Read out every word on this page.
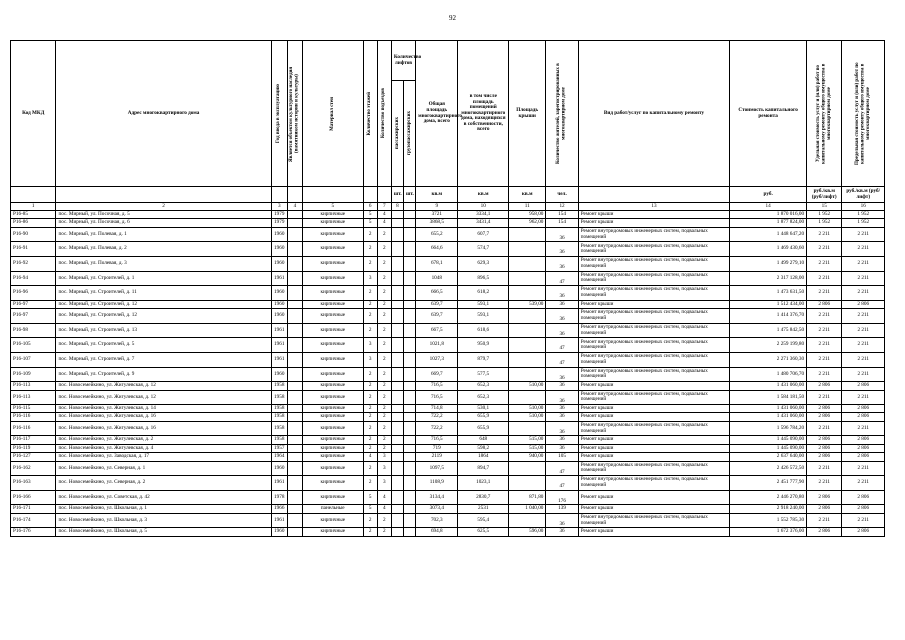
92
Код МКД	Адрес многоквартирного дома	Год ввода в эксплуатацию	Является объектом культурного наследия (памятником истории и культуры)	Материал стен	Количество этажей	Количество подъездов	Количество лифтов		Общая площадь многоквартирного дома, всего	в том числе площадь помещений многоквартирного дома, находящихся в собственности, всего	Площадь крыши	Количество жителей, зарегистрированных в многоквартирном доме	Вид работ/услуг по капитальному ремонту	Стоимость капитального ремонта	Удельная стоимость услуг и (или) работ по капитальному ремонту общего имущества в многоквартирном доме	Предельная стоимость услуг и (или) работ по капитальному ремонту общего имущества в многоквартирном доме

							пассажирских	грузопассажирских								

							шт.	шт.	кв.м	кв.м	кв.м	чел.		руб.	руб./кв.м (руб/лифт)	руб./кв.м (руб/лифт)
1	2	3	4	5	6	7	8		9	10	11	12	13	14	15	16
Р16-85	пос. Мирный, ул. Посочная, д. 5	1979		кирпичные	5	4			3721	3334,1	958,00	154	Ремонт крыши	1 870 016,00	1 952	1 952
Р16-86	пос. Мирный, ул. Посочная, д. 6	1979		кирпичные	5	4			3868,5	3431,4	962,00	154	Ремонт крыши	1 877 824,00	1 952	1 952
Р16-90	пос. Мирный, ул. Полевая, д. 1	1960		кирпичные	2	2			655,2	607,7		36	Ремонт внутридомовых инженерных систем, подвальных помещений	1 448 647,20	2 211	2 211
Р16-91	пос. Мирный, ул. Полевая, д. 2	1960		кирпичные	2	2			664,6	574,7		36	Ремонт внутридомовых инженерных систем, подвальных помещений	1 469 430,60	2 211	2 211
Р16-92	пос. Мирный, ул. Полевая, д. 3	1960		кирпичные	2	2			678,1	629,3		36	Ремонт внутридомовых инженерных систем, подвальных помещений	1 499 279,10	2 211	2 211
Р16-94	пос. Мирный, ул. Строителей, д. 1	1961		кирпичные	3	2			1048	896,5		47	Ремонт внутридомовых инженерных систем, подвальных помещений	2 317 128,00	2 211	2 211
Р16-96	пос. Мирный, ул. Строителей, д. 11	1960		кирпичные	2	2			666,5	618,2		36	Ремонт внутридомовых инженерных систем, подвальных помещений	1 473 631,50	2 211	2 211
Р16-97	пос. Мирный, ул. Строителей, д. 12	1960		кирпичные	2	2			639,7	593,1	539,00	36	Ремонт крыши	1 512 434,00	2 806	2 806
Р16-97	пос. Мирный, ул. Строителей, д. 12	1960		кирпичные	2	2			639,7	593,1		36	Ремонт внутридомовых инженерных систем, подвальных помещений	1 414 376,70	2 211	2 211
Р16-98	пос. Мирный, ул. Строителей, д. 13	1961		кирпичные	2	2			667,5	618,6		36	Ремонт внутридомовых инженерных систем, подвальных помещений	1 475 842,50	2 211	2 211
Р16-105	пос. Мирный, ул. Строителей, д. 5	1961		кирпичные	3	2			1021,8	950,9		47	Ремонт внутридомовых инженерных систем, подвальных помещений	2 259 199,80	2 211	2 211
Р16-107	пос. Мирный, ул. Строителей, д. 7	1961		кирпичные	3	2			1027,3	879,7		47	Ремонт внутридомовых инженерных систем, подвальных помещений	2 271 360,30	2 211	2 211
Р16-109	пос. Мирный, ул. Строителей, д. 9	1960		кирпичные	2	2			669,7	577,5		36	Ремонт внутридомовых инженерных систем, подвальных помещений	1 480 706,70	2 211	2 211
Р16-113	пос. Новосемейкино, ул. Жигулевская, д. 12	1958		кирпичные	2	2			716,5	652,3	510,00	36	Ремонт крыши	1 431 060,00	2 806	2 806
Р16-113	пос. Новосемейкино, ул. Жигулевская, д. 12	1958		кирпичные	2	2			716,5	652,3		36	Ремонт внутридомовых инженерных систем, подвальных помещений	1 584 181,50	2 211	2 211
Р16-115	пос. Новосемейкино, ул. Жигулевская, д. 14	1958		кирпичные	2	2			714,8	530,1	510,00	36	Ремонт крыши	1 431 060,00	2 806	2 806
Р16-116	пос. Новосемейкино, ул. Жигулевская, д. 16	1958		кирпичные	2	2			722,2	655,9	510,00	36	Ремонт крыши	1 431 060,00	2 806	2 806
Р16-116	пос. Новосемейкино, ул. Жигулевская, д. 16	1958		кирпичные	2	2			722,2	655,9		36	Ремонт внутридомовых инженерных систем, подвальных помещений	1 596 784,20	2 211	2 211
Р16-117	пос. Новосемейкино, ул. Жигулевская, д. 2	1958		кирпичные	2	2			716,5	648	515,00	36	Ремонт крыши	1 445 090,00	2 806	2 806
Р16-119	пос. Новосемейкино, ул. Жигулевская, д. 4	1957		кирпичные	2	2			719	598,2	515,00	36	Ремонт крыши	1 445 090,00	2 806	2 806
Р16-127	пос. Новосемейкино, ул. Заводская, д. 17	1964		кирпичные	4	3			2119	1864	940,00	105	Ремонт крыши	2 637 640,00	2 806	2 806
Р16-162	пос. Новосемейкино, ул. Северная, д. 1	1960		кирпичные	2	3			1097,5	894,7		47	Ремонт внутридомовых инженерных систем, подвальных помещений	2 426 572,50	2 211	2 211
Р16-163	пос. Новосемейкино, ул. Северная, д. 2	1961		кирпичные	2	3			1108,9	1023,1		47	Ремонт внутридомовых инженерных систем, подвальных помещений	2 451 777,90	2 211	2 211
Р16-166	пос. Новосемейкино, ул. Советская, д. 42	1978		кирпичные	5	4			3134,4	2830,7	871,80	176	Ремонт крыши	2 446 270,80	2 806	2 806
Р16-171	пос. Новосемейкино, ул. Школьная, д. 1	1966		панельные	5	4			3073,4	2531	1 040,00	139	Ремонт крыши	2 918 240,00	2 806	2 806
Р16-174	пос. Новосемейкино, ул. Школьная, д. 3	1961		кирпичные	2	2			702,3	595,4		36	Ремонт внутридомовых инженерных систем, подвальных помещений	1 552 785,30	2 211	2 211
Р16-176	пос. Новосемейкино, ул. Школьная, д. 5	1960		кирпичные	2	2			694,8	625,5	596,00	36	Ремонт крыши	1 672 376,00	2 806	2 806
